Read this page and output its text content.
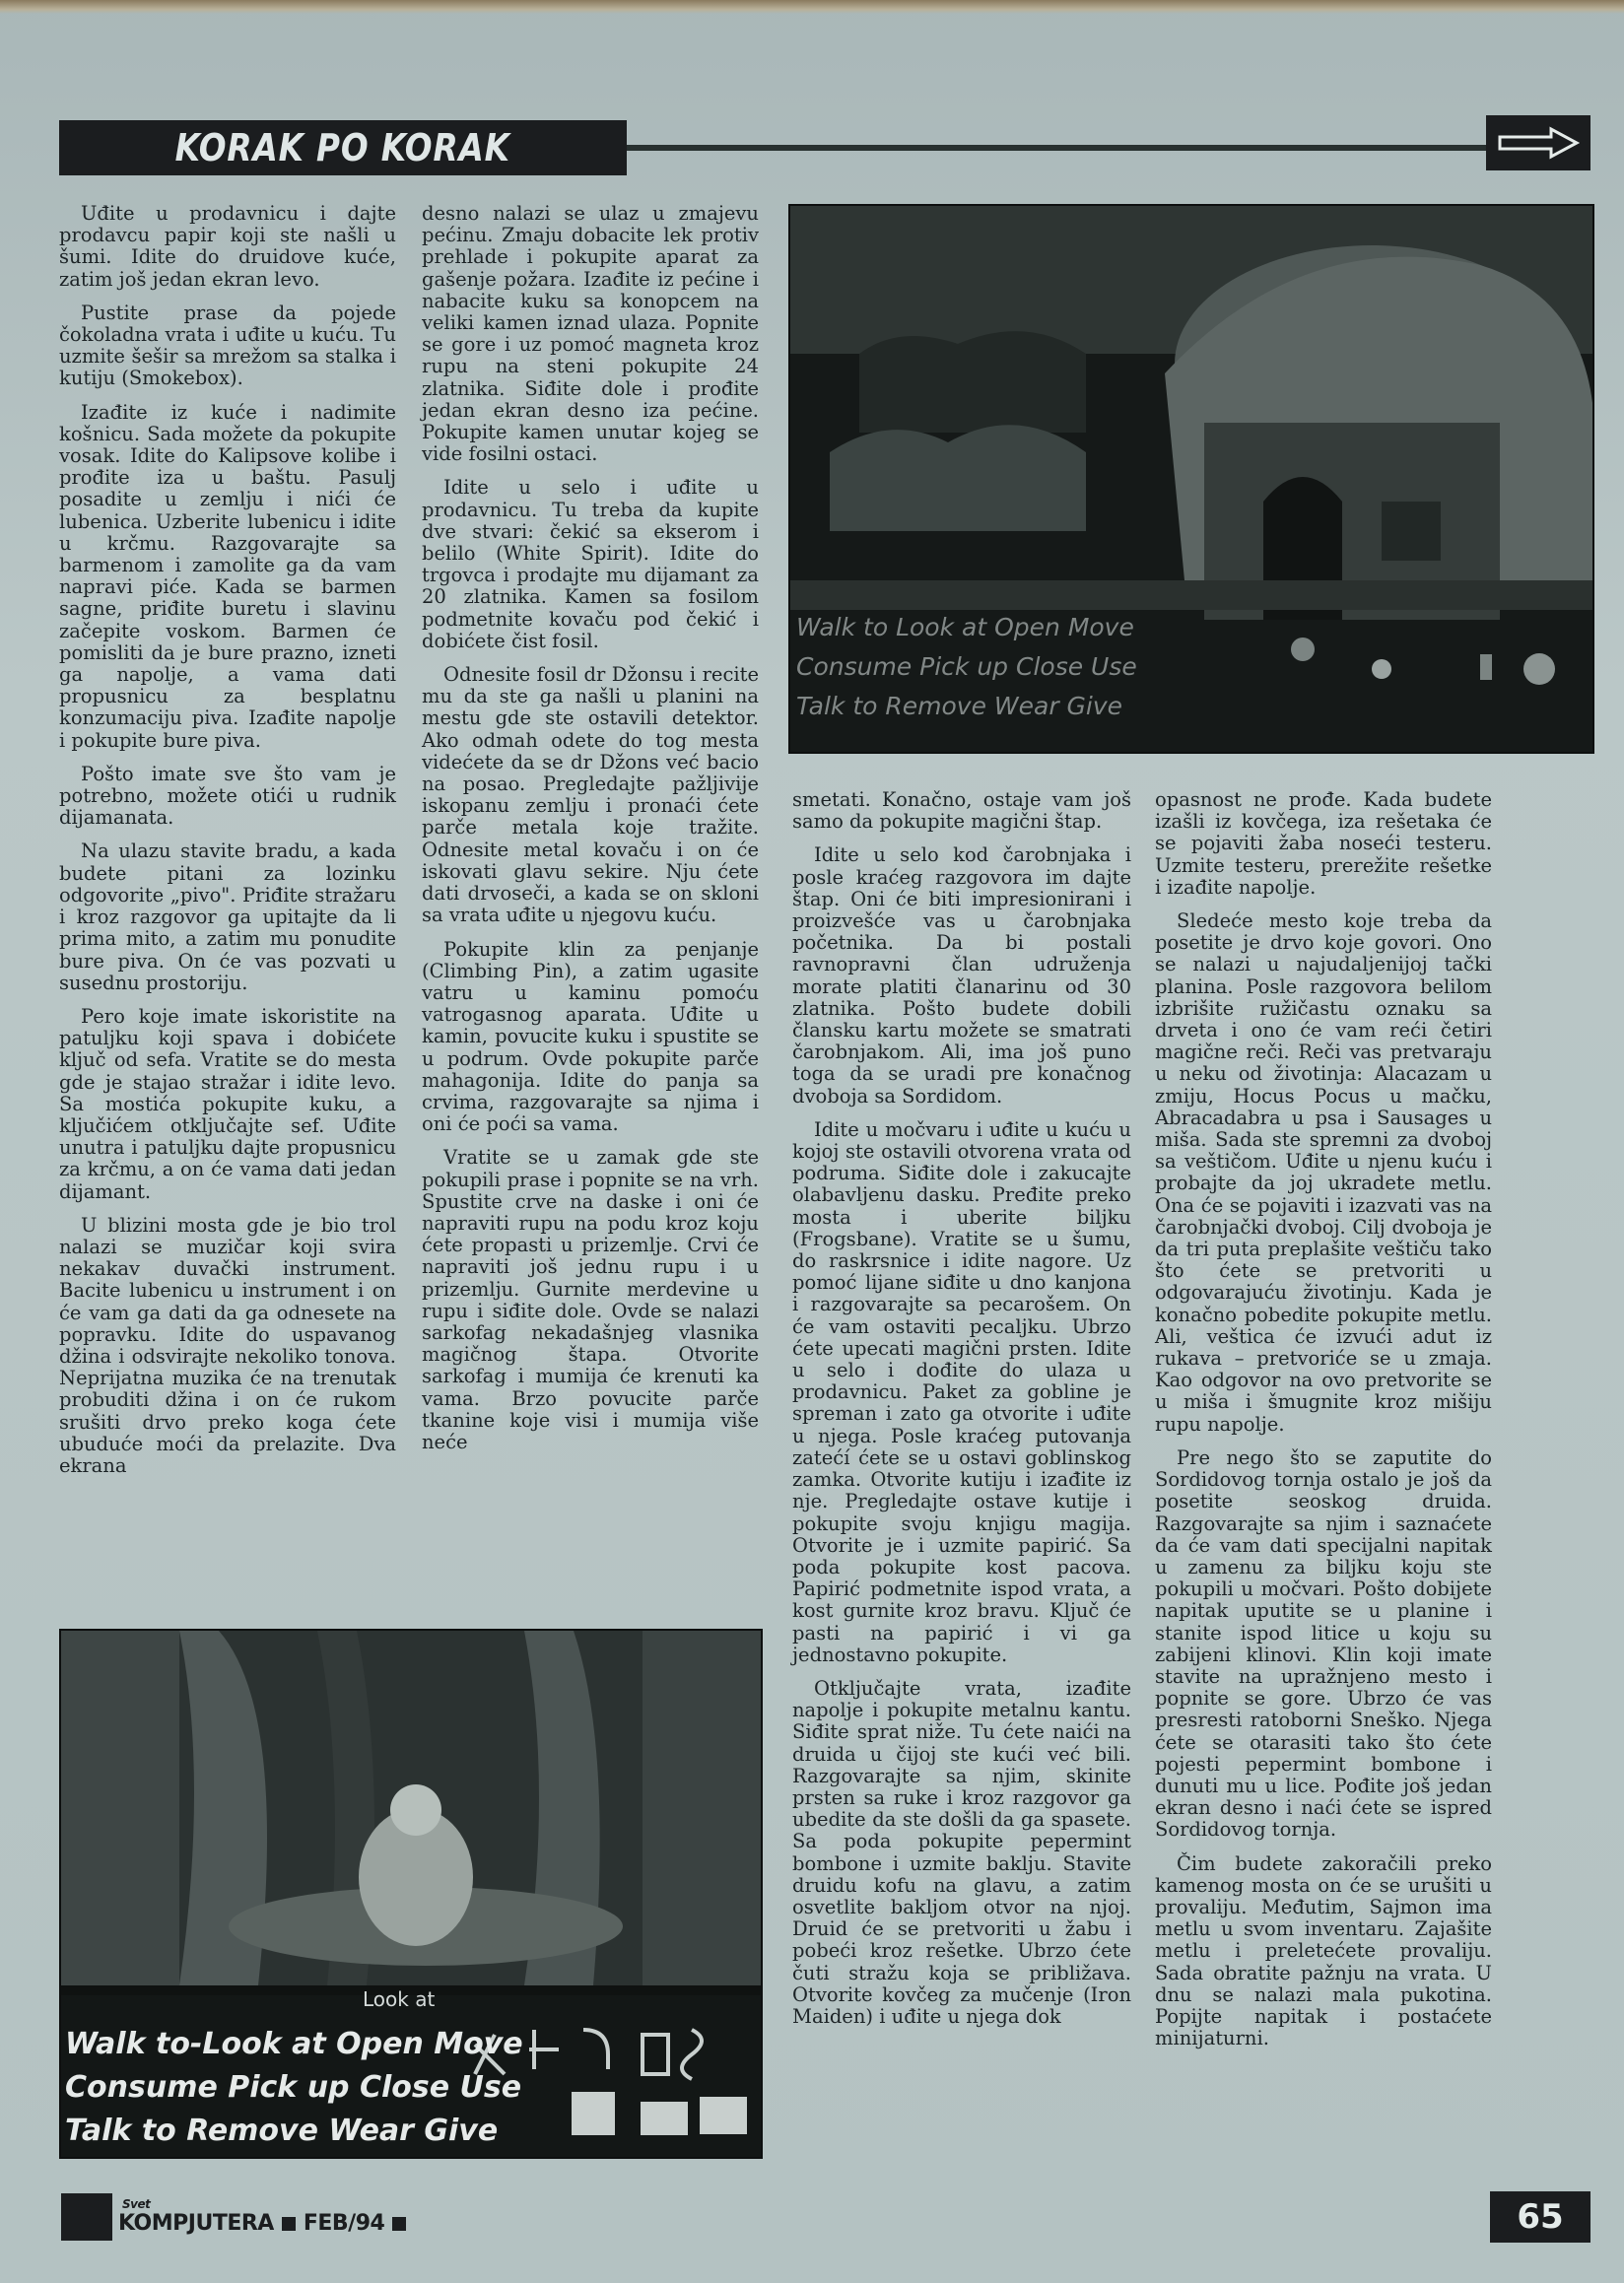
KORAK PO KORAK

Uđite u prodavnicu i dajte prodavcu papir koji ste našli u šumi. Idite do druidove kuće, zatim još jedan ekran levo.

Pustite prase da pojede čokoladna vrata i uđite u kuću. Tu uzmite šešir sa mrežom sa stalka i kutiju (Smokebox).

Izađite iz kuće i nadimite košnicu. Sada možete da pokupite vosak. Idite do Kalipsove kolibe i prođite iza u baštu. Pasulj posadite u zemlju i nići će lubenica. Uzberite lubenicu i idite u krčmu. Razgovarajte sa barmenom i zamolite ga da vam napravi piće. Kada se barmen sagne, priđite buretu i slavinu začepite voskom. Barmen će pomisliti da je bure prazno, izneti ga napolje, a vama dati propusnicu za besplatnu konzumaciju piva. Izađite napolje i pokupite bure piva.

Pošto imate sve što vam je potrebno, možete otići u rudnik dijamanata.

Na ulazu stavite bradu, a kada budete pitani za lozinku odgovorite „pivo". Priđite stražaru i kroz razgovor ga upitajte da li prima mito, a zatim mu ponudite bure piva. On će vas pozvati u susednu prostoriju.

Pero koje imate iskoristite na patuljku koji spava i dobićete ključ od sefa. Vratite se do mesta gde je stajao stražar i idite levo. Sa mostića pokupite kuku, a ključićem otključajte sef. Uđite unutra i patuljku dajte propusnicu za krčmu, a on će vama dati jedan dijamant.

U blizini mosta gde je bio trol nalazi se muzičar koji svira nekakav duvački instrument. Bacite lubenicu u instrument i on će vam ga dati da ga odnesete na popravku. Idite do uspavanog džina i odsvirajte nekoliko tonova. Neprijatna muzika će na trenutak probuditi džina i on će rukom srušiti drvo preko koga ćete ubuduće moći da prelazite. Dva ekrana

desno nalazi se ulaz u zmajevu pećinu. Zmaju dobacite lek protiv prehlade i pokupite aparat za gašenje požara. Izađite iz pećine i nabacite kuku sa konopcem na veliki kamen iznad ulaza. Popnite se gore i uz pomoć magneta kroz rupu na steni pokupite 24 zlatnika. Siđite dole i prođite jedan ekran desno iza pećine. Pokupite kamen unutar kojeg se vide fosilni ostaci.

Idite u selo i uđite u prodavnicu. Tu treba da kupite dve stvari: čekić sa ekserom i belilo (White Spirit). Idite do trgovca i prodajte mu dijamant za 20 zlatnika. Kamen sa fosilom podmetnite kovaču pod čekić i dobićete čist fosil.

Odnesite fosil dr Džonsu i recite mu da ste ga našli u planini na mestu gde ste ostavili detektor. Ako odmah odete do tog mesta videćete da se dr Džons već bacio na posao. Pregledajte pažljivije iskopanu zemlju i pronaći ćete parče metala koje tražite. Odnesite metal kovaču i on će iskovati glavu sekire. Nju ćete dati drvoseči, a kada se on skloni sa vrata uđite u njegovu kuću.

Pokupite klin za penjanje (Climbing Pin), a zatim ugasite vatru u kaminu pomoću vatrogasnog aparata. Uđite u kamin, povucite kuku i spustite se u podrum. Ovde pokupite parče mahagonija. Idite do panja sa crvima, razgovarajte sa njima i oni će poći sa vama.

Vratite se u zamak gde ste pokupili prase i popnite se na vrh. Spustite crve na daske i oni će napraviti rupu na podu kroz koju ćete propasti u prizemlje. Crvi će napraviti još jednu rupu i u prizemlju. Gurnite merdevine u rupu i siđite dole. Ovde se nalazi sarkofag nekadašnjeg vlasnika magičnog štapa. Otvorite sarkofag i mumija će krenuti ka vama. Brzo povucite parče tkanine koje visi i mumija više neće

Walk to Look at Open Move
Consume Pick up Close Use
Talk to Remove Wear Give

smetati. Konačno, ostaje vam još samo da pokupite magični štap.

Idite u selo kod čarobnjaka i posle kraćeg razgovora im dajte štap. Oni će biti impresionirani i proizvešće vas u čarobnjaka početnika. Da bi postali ravnopravni član udruženja morate platiti članarinu od 30 zlatnika. Pošto budete dobili člansku kartu možete se smatrati čarobnjakom. Ali, ima još puno toga da se uradi pre konačnog dvoboja sa Sordidom.

Idite u močvaru i uđite u kuću u kojoj ste ostavili otvorena vrata od podruma. Siđite dole i zakucajte olabavljenu dasku. Pređite preko mosta i uberite biljku (Frogsbane). Vratite se u šumu, do raskrsnice i idite nagore. Uz pomoć lijane siđite u dno kanjona i razgovarajte sa pecarošem. On će vam ostaviti pecaljku. Ubrzo ćete upecati magični prsten. Idite u selo i dođite do ulaza u prodavnicu. Paket za gobline je spreman i zato ga otvorite i uđite u njega. Posle kraćeg putovanja zatećí ćete se u ostavi goblinskog zamka. Otvorite kutiju i izađite iz nje. Pregledajte ostave kutije i pokupite svoju knjigu magija. Otvorite je i uzmite papirić. Sa poda pokupite kost pacova. Papirić podmetnite ispod vrata, a kost gurnite kroz bravu. Ključ će pasti na papirić i vi ga jednostavno pokupite.

Otključajte vrata, izađite napolje i pokupite metalnu kantu. Siđite sprat niže. Tu ćete naići na druida u čijoj ste kući već bili. Razgovarajte sa njim, skinite prsten sa ruke i kroz razgovor ga ubedite da ste došli da ga spasete. Sa poda pokupite pepermint bombone i uzmite baklju. Stavite druidu kofu na glavu, a zatim osvetlite bakljom otvor na njoj. Druid će se pretvoriti u žabu i pobeći kroz rešetke. Ubrzo ćete čuti stražu koja se približava. Otvorite kovčeg za mučenje (Iron Maiden) i uđite u njega dok

opasnost ne prođe. Kada budete izašli iz kovčega, iza rešetaka će se pojaviti žaba noseći testeru. Uzmite testeru, prerežite rešetke i izađite napolje.

Sledeće mesto koje treba da posetite je drvo koje govori. Ono se nalazi u najudaljenijoj tački planina. Posle razgovora belilom izbrišite ružičastu oznaku sa drveta i ono će vam reći četiri magične reči. Reči vas pretvaraju u neku od životinja: Alacazam u zmiju, Hocus Pocus u mačku, Abracadabra u psa i Sausages u miša. Sada ste spremni za dvoboj sa veštičom. Uđite u njenu kuću i probajte da joj ukradete metlu. Ona će se pojaviti i izazvati vas na čarobnjački dvoboj. Cilj dvoboja je da tri puta preplašite veštiču tako što ćete se pretvoriti u odgovarajuću životinju. Kada je konačno pobedite pokupite metlu. Ali, veštica će izvući adut iz rukava – pretvoriće se u zmaja. Kao odgovor na ovo pretvorite se u miša i šmugnite kroz mišiju rupu napolje.

Pre nego što se zaputite do Sordidovog tornja ostalo je još da posetite seoskog druida. Razgovarajte sa njim i saznaćete da će vam dati specijalni napitak u zamenu za biljku koju ste pokupili u močvari. Pošto dobijete napitak uputite se u planine i stanite ispod litice u koju su zabijeni klinovi. Klin koji imate stavite na upražnjeno mesto i popnite se gore. Ubrzo će vas presresti ratoborni Sneško. Njega ćete se otarasiti tako što ćete pojesti pepermint bombone i dunuti mu u lice. Pođite još jedan ekran desno i naći ćete se ispred Sordidovog tornja.

Čim budete zakoračili preko kamenog mosta on će se urušiti u provaliju. Međutim, Sajmon ima metlu u svom inventaru. Zajašite metlu i preletećete provaliju. Sada obratite pažnju na vrata. U dnu se nalazi mala pukotina. Popijte napitak i postaćete minijaturni.

Look at
Walk to-Look at Open Move
Consume Pick up Close Use
Talk to Remove Wear Give
Svet
KOMPJUTERA FEB/94	65
